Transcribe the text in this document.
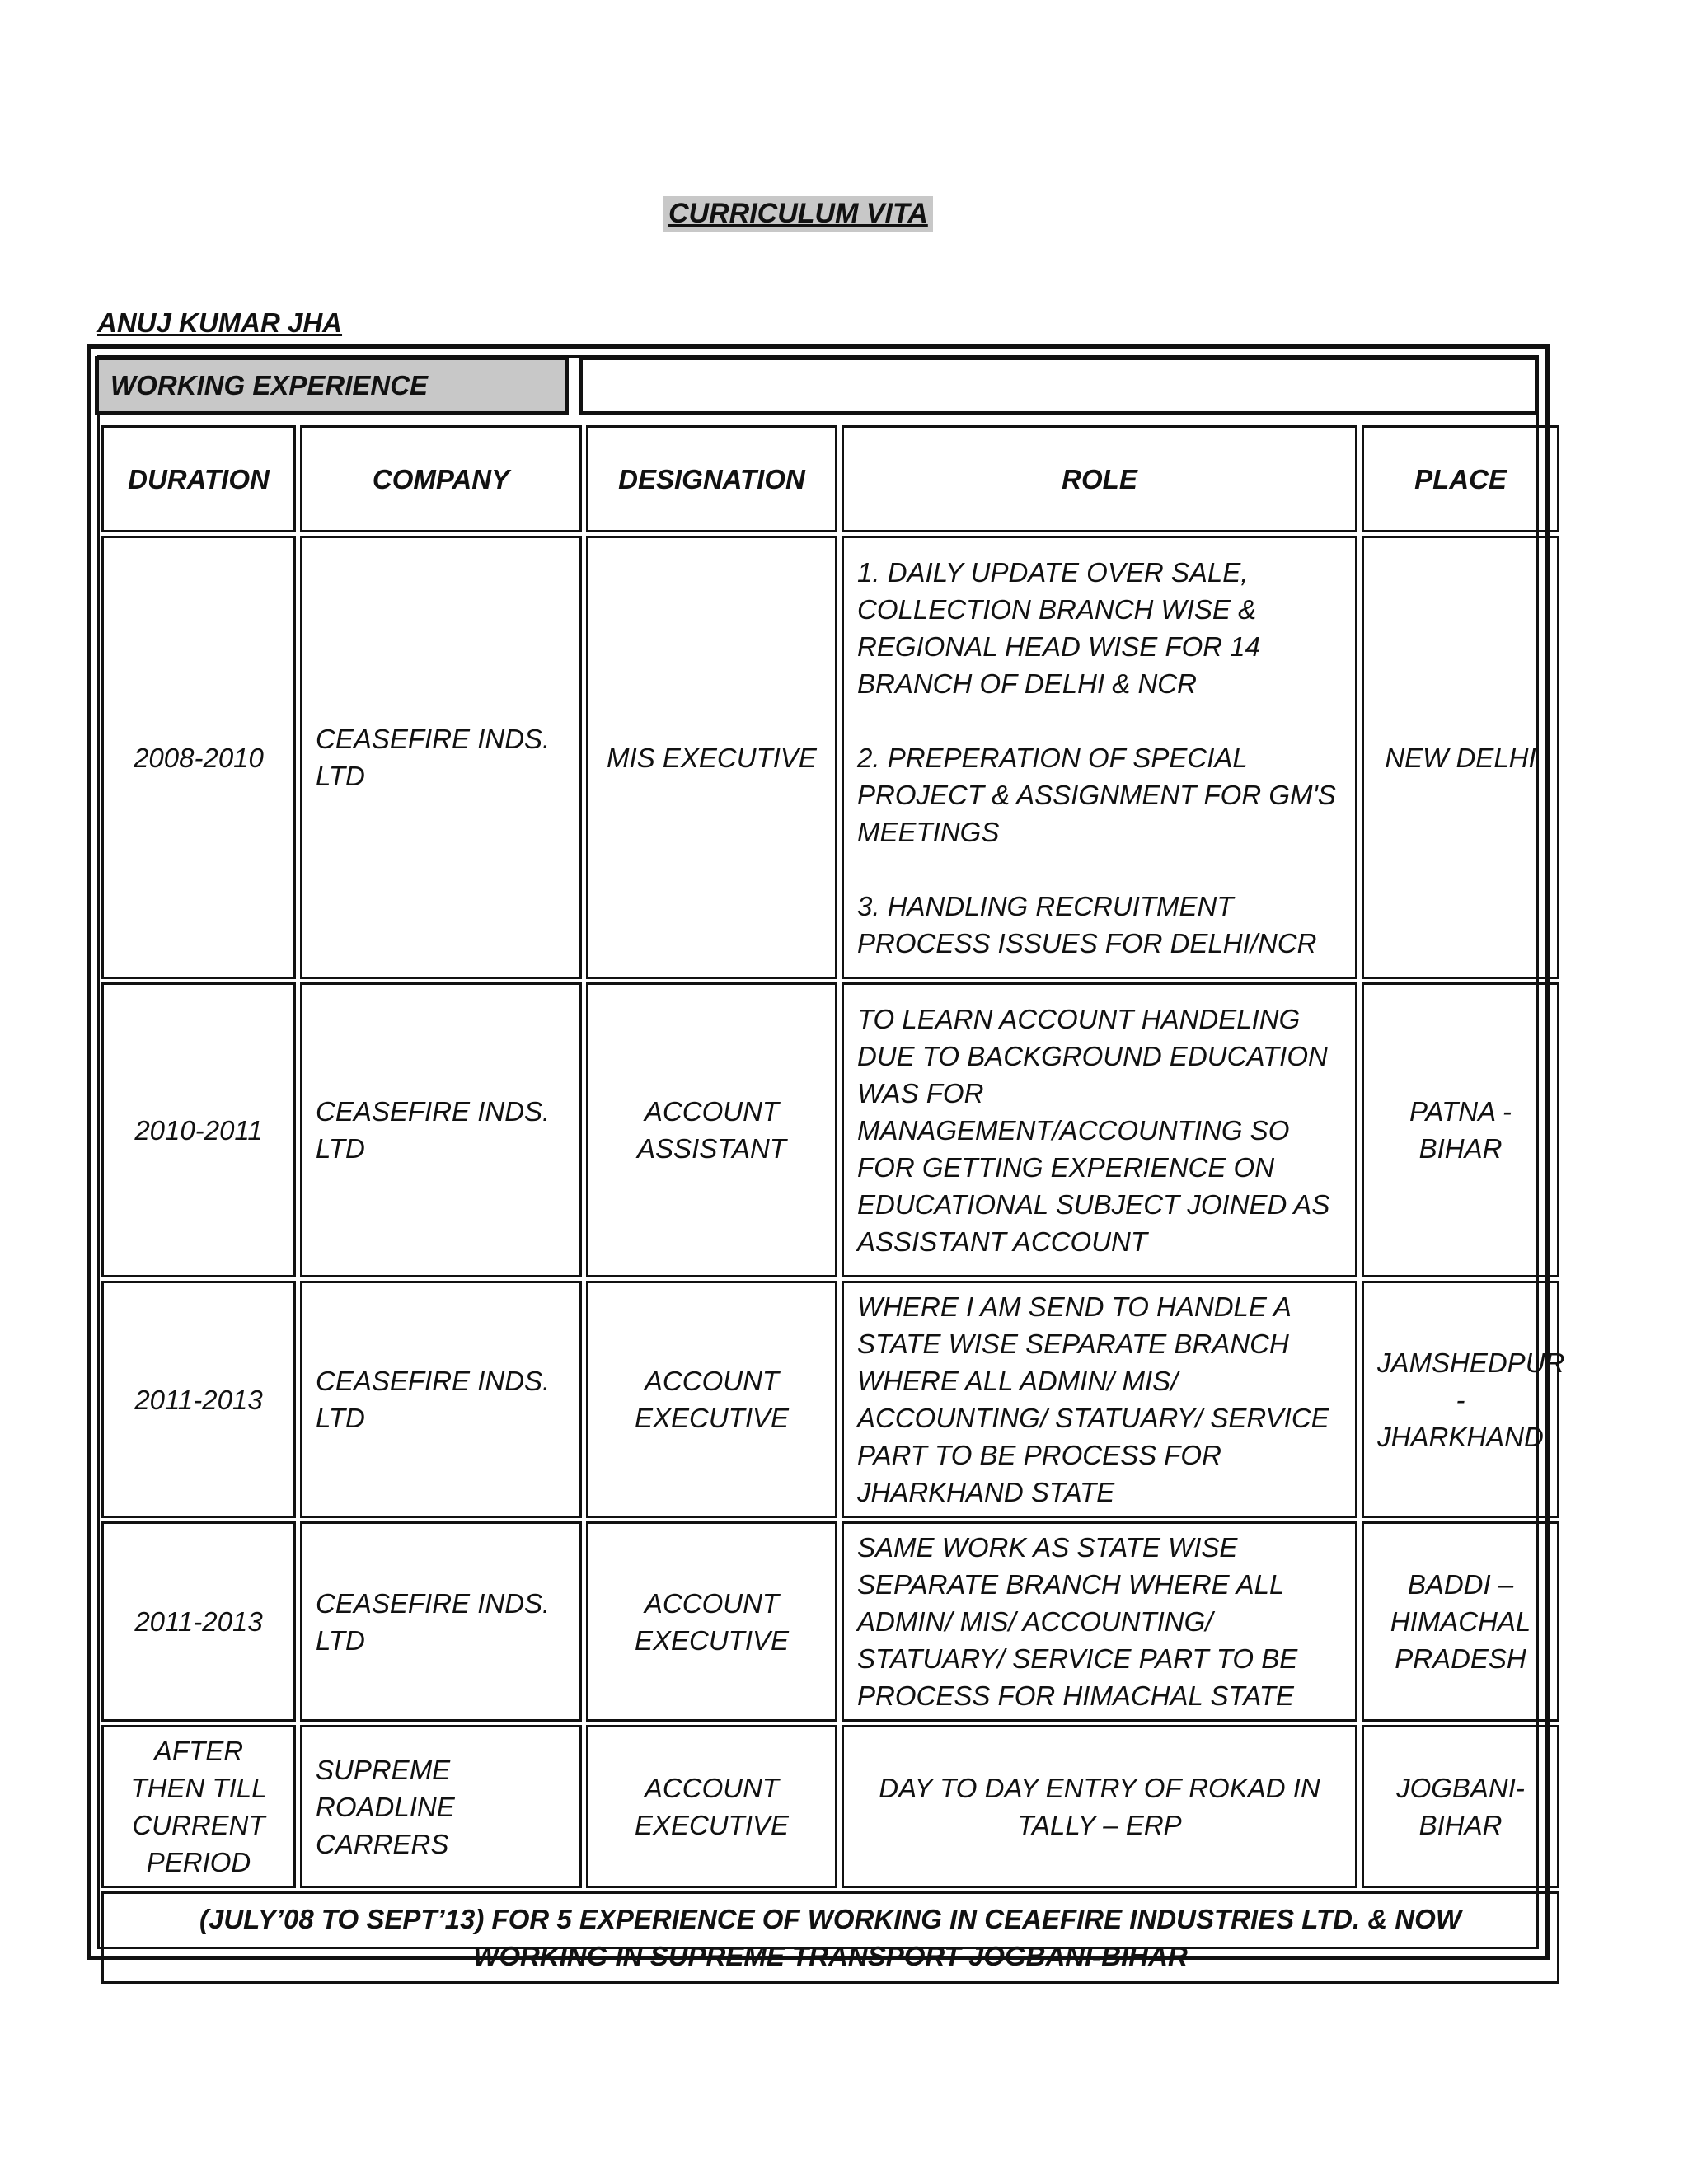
CURRICULUM VITA
ANUJ KUMAR JHA
WORKING EXPERIENCE
DURATION	COMPANY	DESIGNATION	ROLE	PLACE
2008-2010	CEASEFIRE INDS. LTD	MIS EXECUTIVE	1. DAILY UPDATE OVER SALE, COLLECTION BRANCH WISE & REGIONAL HEAD WISE FOR 14 BRANCH OF DELHI & NCR

2. PREPERATION OF SPECIAL PROJECT & ASSIGNMENT FOR GM'S MEETINGS

3. HANDLING RECRUITMENT PROCESS ISSUES FOR DELHI/NCR	NEW DELHI
2010-2011	CEASEFIRE INDS. LTD	ACCOUNT ASSISTANT	TO LEARN ACCOUNT HANDELING DUE TO BACKGROUND EDUCATION WAS FOR MANAGEMENT/ACCOUNTING SO FOR GETTING EXPERIENCE ON EDUCATIONAL SUBJECT JOINED AS ASSISTANT ACCOUNT	PATNA -BIHAR
2011-2013	CEASEFIRE INDS. LTD	ACCOUNT EXECUTIVE	WHERE I AM SEND TO HANDLE A STATE WISE SEPARATE BRANCH WHERE ALL ADMIN/ MIS/ ACCOUNTING/ STATUARY/ SERVICE PART TO BE PROCESS FOR JHARKHAND STATE	JAMSHEDPUR - JHARKHAND
2011-2013	CEASEFIRE INDS. LTD	ACCOUNT EXECUTIVE	SAME WORK AS STATE WISE SEPARATE BRANCH WHERE ALL ADMIN/ MIS/ ACCOUNTING/ STATUARY/ SERVICE PART TO BE PROCESS FOR HIMACHAL STATE	BADDI – HIMACHAL PRADESH
AFTER THEN TILL CURRENT PERIOD	SUPREME ROADLINE CARRERS	ACCOUNT EXECUTIVE	DAY TO DAY ENTRY OF ROKAD IN TALLY – ERP	JOGBANI-BIHAR
(JULY’08 TO SEPT’13) FOR 5 EXPERIENCE OF WORKING IN CEAEFIRE INDUSTRIES LTD. & NOW WORKING IN SUPREME TRANSPORT JOGBANI-BIHAR				
